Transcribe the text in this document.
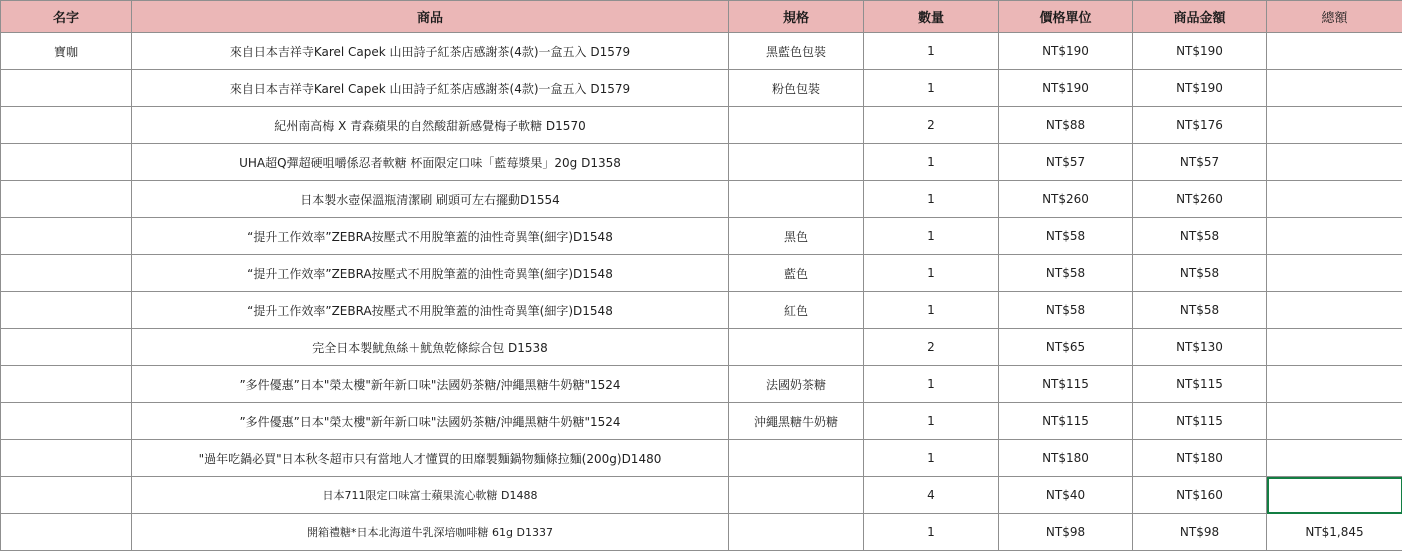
名字	商品	規格	數量	價格單位	商品金額	總額
寶咖	來自日本吉祥寺Karel Capek 山田詩子紅茶店感謝茶(4款)一盒五入 D1579	黑藍色包裝	1	NT$190	NT$190	
	來自日本吉祥寺Karel Capek 山田詩子紅茶店感謝茶(4款)一盒五入 D1579	粉色包裝	1	NT$190	NT$190	
	紀州南高梅 X 青森蘋果的自然酸甜新感覺梅子軟糖 D1570		2	NT$88	NT$176	
	UHA超Q彈超硬咀嚼係忍者軟糖 杯面限定口味「藍莓漿果」20g D1358		1	NT$57	NT$57	
	日本製水壺保溫瓶清潔刷 刷頭可左右擺動D1554		1	NT$260	NT$260	
	“提升工作效率”ZEBRA按壓式不用脫筆蓋的油性奇異筆(細字)D1548	黑色	1	NT$58	NT$58	
	“提升工作效率”ZEBRA按壓式不用脫筆蓋的油性奇異筆(細字)D1548	藍色	1	NT$58	NT$58	
	“提升工作效率”ZEBRA按壓式不用脫筆蓋的油性奇異筆(細字)D1548	紅色	1	NT$58	NT$58	
	完全日本製魷魚絲＋魷魚乾條綜合包 D1538		2	NT$65	NT$130	
	”多件優惠”日本"榮太樓"新年新口味"法國奶茶糖/沖繩黑糖牛奶糖"1524	法國奶茶糖	1	NT$115	NT$115	
	”多件優惠”日本"榮太樓"新年新口味"法國奶茶糖/沖繩黑糖牛奶糖"1524	沖繩黑糖牛奶糖	1	NT$115	NT$115	
	"過年吃鍋必買"日本秋冬超市只有當地人才懂買的田靡製麵鍋物麵條拉麵(200g)D1480		1	NT$180	NT$180	
	日本711限定口味富士蘋果流心軟糖 D1488		4	NT$40	NT$160	
	開箱禮糖*日本北海道牛乳深培咖啡糖 61g D1337		1	NT$98	NT$98	NT$1,845
